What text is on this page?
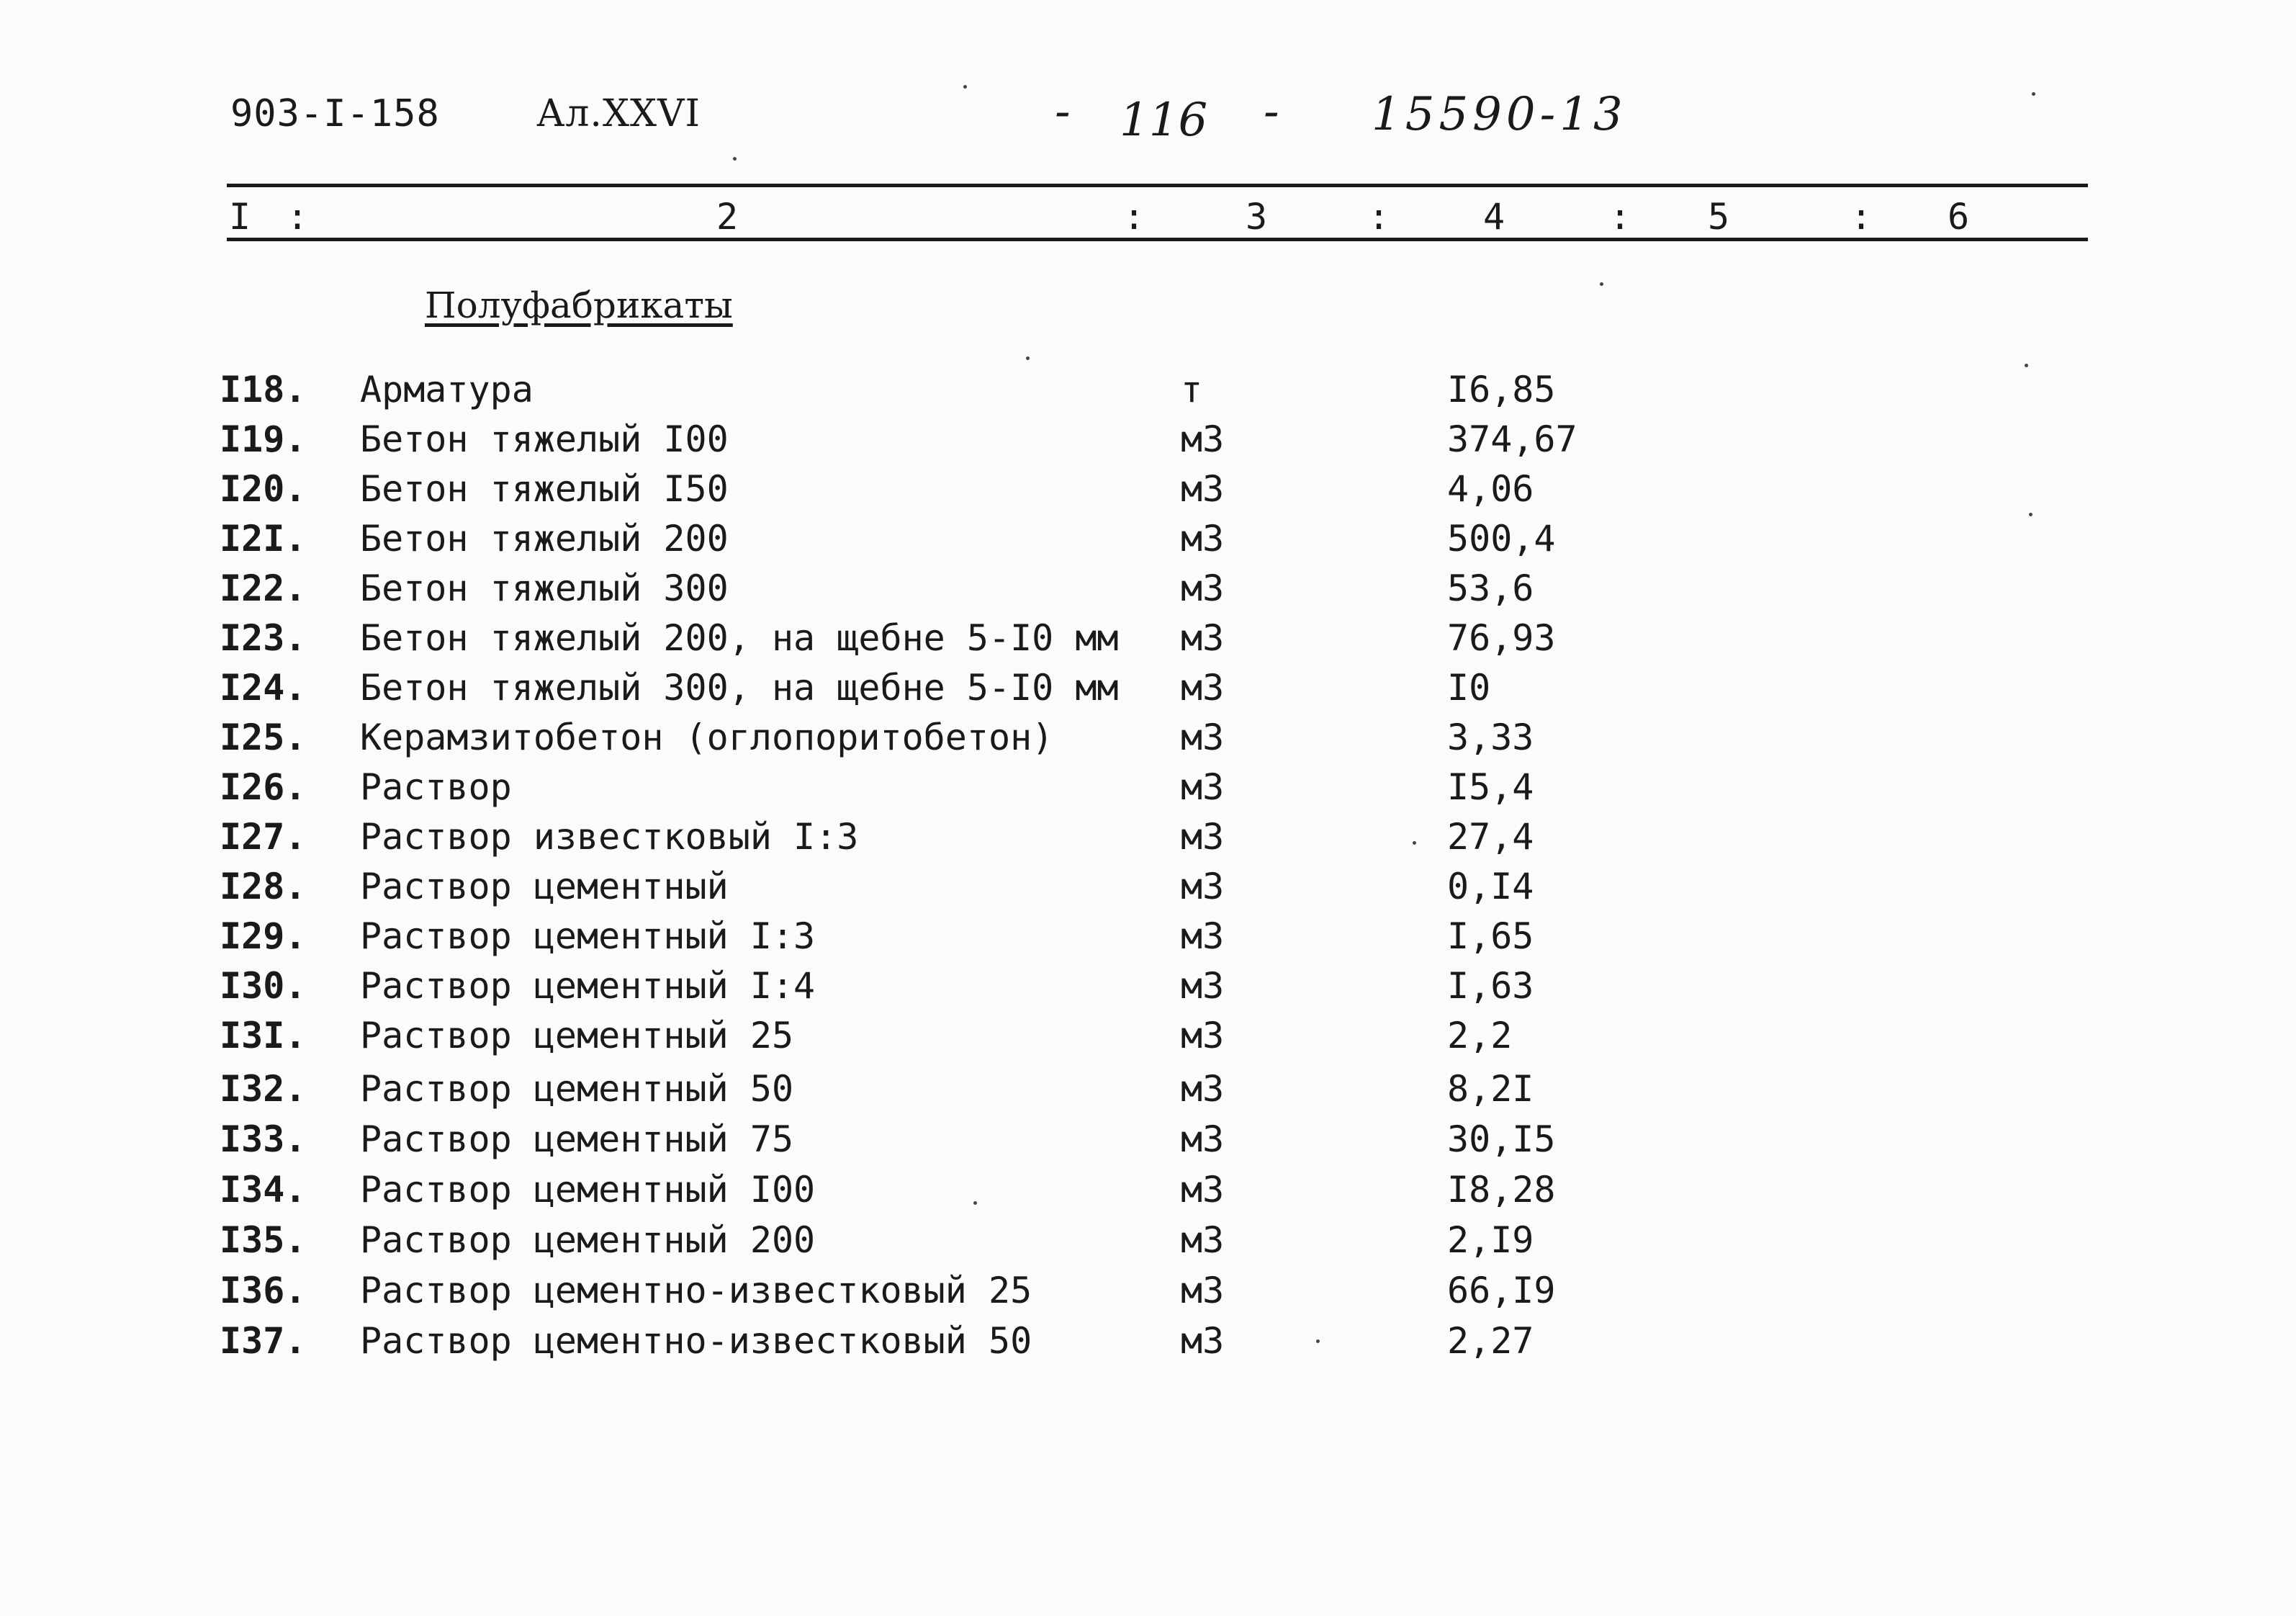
903-I-158	Ал.XXVI	- 116 - 15590-13
I :	2	:	3	:	4	: 5	: 6
Полуфабрикаты
I18. Арматура	т	I6,85
I19. Бетон тяжелый I00	м3	374,67
I20. Бетон тяжелый I50	м3	4,06
I2I. Бетон тяжелый 200	м3	500,4
I22. Бетон тяжелый 300	м3	53,6
I23. Бетон тяжелый 200, на щебне 5-I0 мм м3	76,93
I24. Бетон тяжелый 300, на щебне 5-I0 мм м3	I0
I25. Керамзитобетон (оглопоритобетон)	м3	3,33
I26. Раствор	м3	I5,4
I27. Раствор известковый I:3	м3	27,4
I28. Раствор цементный	м3	0,I4
I29. Раствор цементный I:3	м3	I,65
I30. Раствор цементный I:4	м3	I,63
I3I. Раствор цементный 25	м3	2,2
I32. Раствор цементный 50	м3	8,2I
I33. Раствор цементный 75	м3	30,I5
I34. Раствор цементный I00	м3	I8,28
I35. Раствор цементный 200	м3	2,I9
I36. Раствор цементно-известковый 25	м3	66,I9
I37. Раствор цементно-известковый 50	м3	2,27
